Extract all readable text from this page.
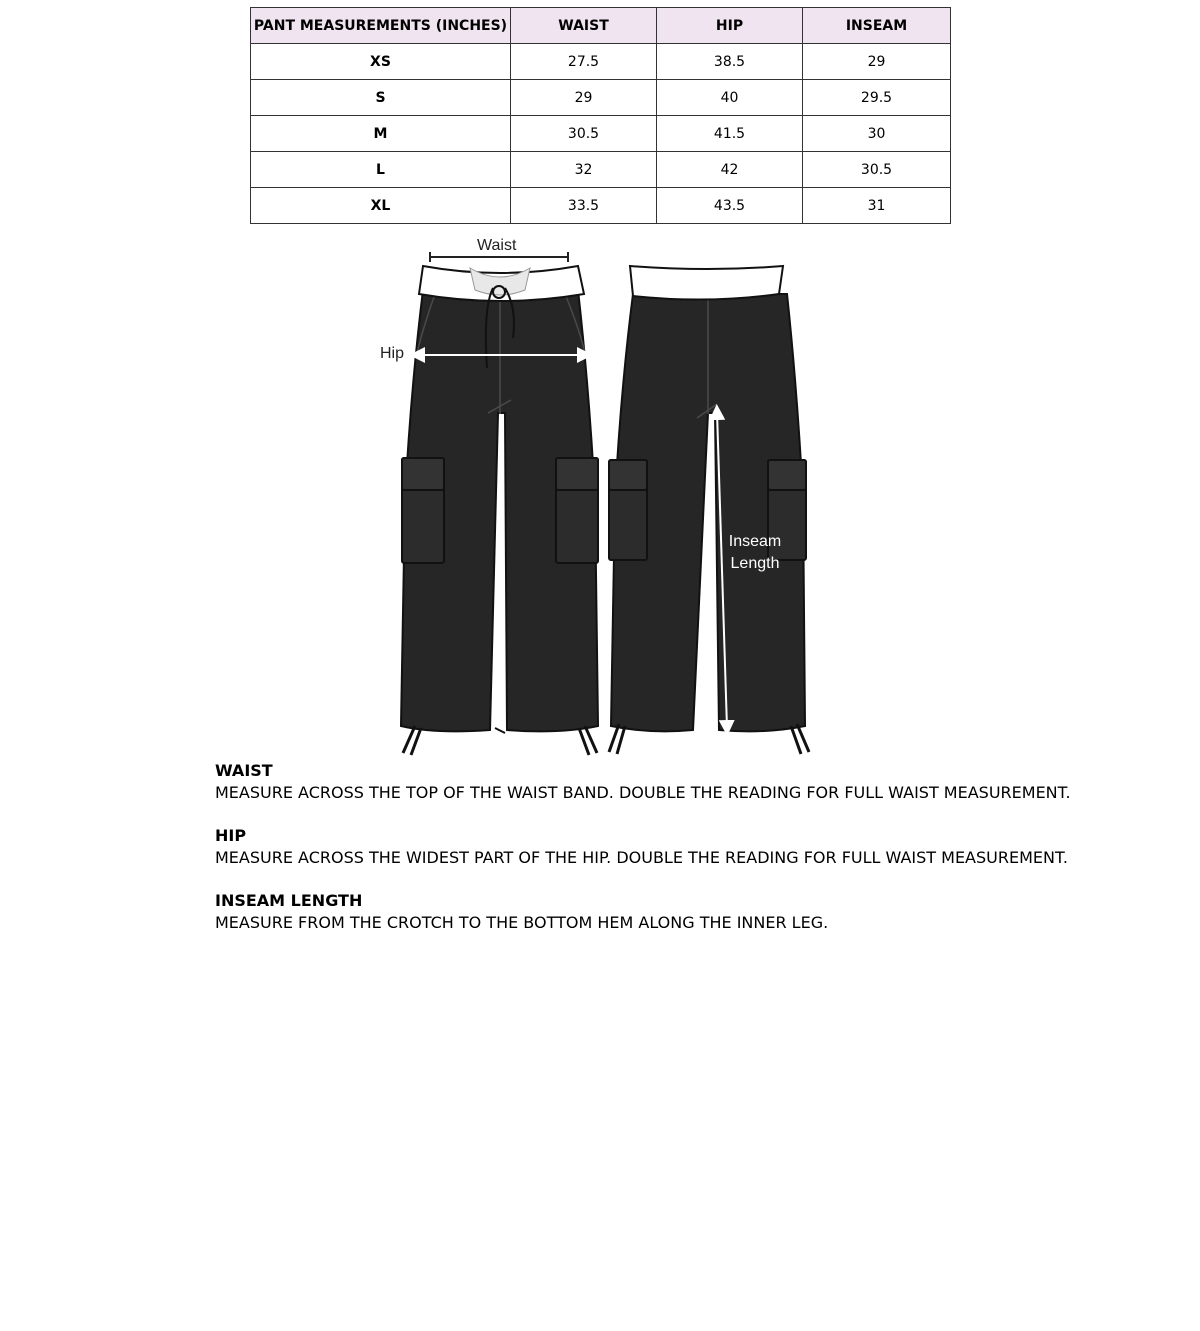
PANT MEASUREMENTS (INCHES)	WAIST	HIP	INSEAM
XS	27.5	38.5	29
S	29	40	29.5
M	30.5	41.5	30
L	32	42	30.5
XL	33.5	43.5	31
Waist
Hip
Inseam
Length
WAIST
MEASURE ACROSS THE TOP OF THE WAIST BAND. DOUBLE THE READING FOR FULL WAIST MEASUREMENT.
HIP
MEASURE ACROSS THE WIDEST PART OF THE HIP. DOUBLE THE READING FOR FULL WAIST MEASUREMENT.
INSEAM LENGTH
MEASURE FROM THE CROTCH TO THE BOTTOM HEM ALONG THE INNER LEG.
